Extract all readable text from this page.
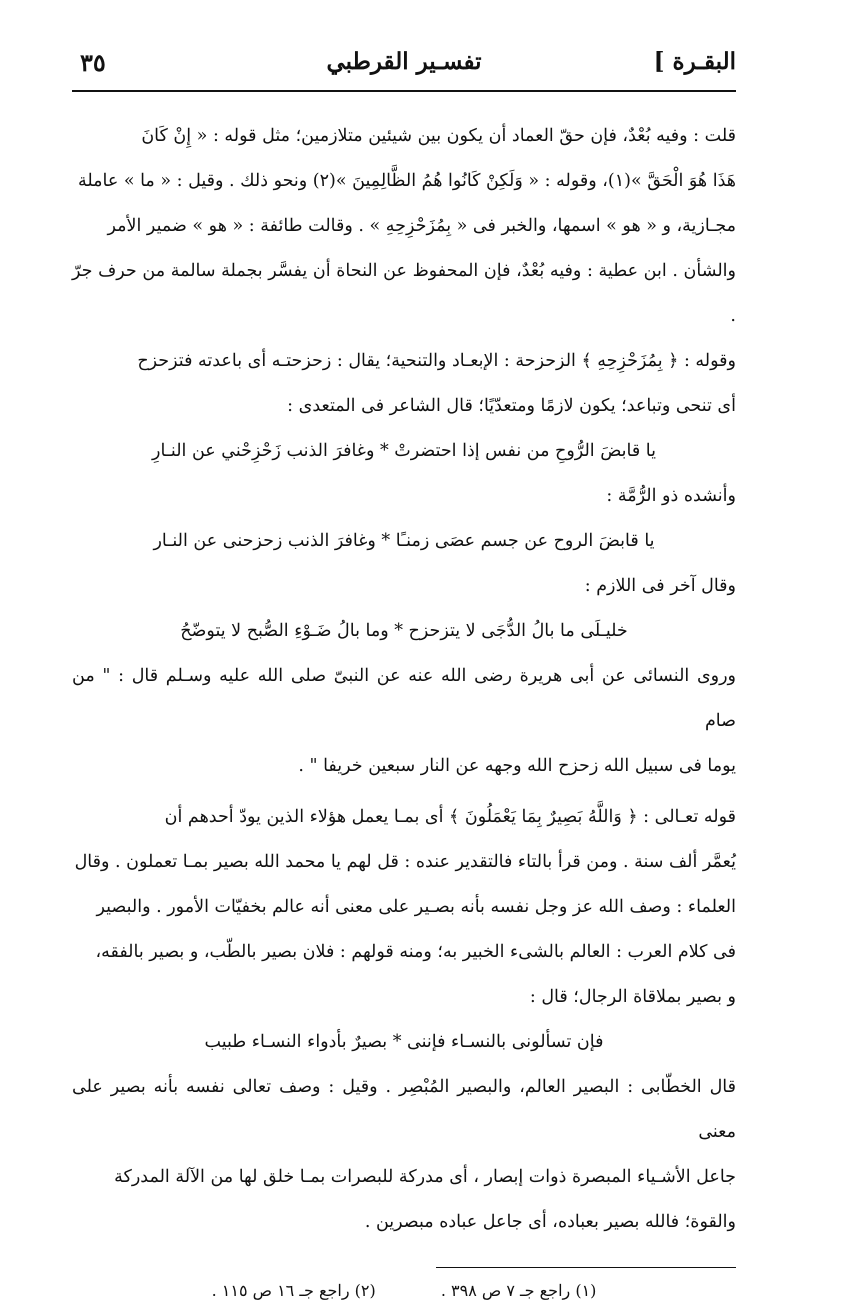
البقـرة ]
تفسـير القرطبي
٣٥

قلت : وفيه بُعْدٌ، فإن حقّ العماد أن يكون بين شيئين متلازمين؛ مثل قوله : « إِنْ كَانَ

هَذَا هُوَ الْحَقَّ »(١)، وقوله : « وَلَكِنْ كَانُوا هُمُ الظَّالِمِينَ »(٢) ونحو ذلك . وقيل : « ما » عاملة

مجـازية، و « هو » اسمها، والخبر فى « بِمُزَحْزِحِهِ » . وقالت طائفة : « هو » ضمير الأمر

والشأن . ابن عطية : وفيه بُعْدٌ، فإن المحفوظ عن النحاة أن يفسَّر بجملة سالمة من حرف جرّ .

وقوله : ﴿ بِمُزَحْزِحِهِ ﴾ الزحزحة : الإبعـاد والتنحية؛ يقال : زحزحتـه أى باعدته فتزحزح

أى تنحى وتباعد؛ يكون لازمًا ومتعدّيًا؛ قال الشاعر فى المتعدى :

يا قابضَ الرُّوحِ من نفس إذا احتضرتْ * وغافرَ الذنب زَحْزِحْني عن النـارِ

وأنشده ذو الرُّمَّة :

يا قابضَ الروح عن جسم عصَى زمنـًا * وغافرَ الذنب زحزحنى عن النـار

وقال آخر فى اللازم :

خليـلَى ما بالُ الدُّجَى لا يتزحزح * وما بالُ ضَـوْءِ الصُّبح لا يتوضّحُ

وروى النسائى عن أبى هريرة رضى الله عنه عن النبىّ صلى الله عليه وسـلم قال : " من صام

يوما فى سبيل الله زحزح الله وجهه عن النار سبعين خريفا " .

قوله تعـالى : ﴿ وَاللَّهُ بَصِيرٌ بِمَا يَعْمَلُونَ ﴾ أى بمـا يعمل هؤلاء الذين يودّ أحدهم أن

يُعمَّر ألف سنة . ومن قرأ بالتاء فالتقدير عنده : قل لهم يا محمد الله بصير بمـا تعملون . وقال

العلماء : وصف الله عز وجل نفسه بأنه بصـير على معنى أنه عالم بخفيّات الأمور . والبصير

فى كلام العرب : العالم بالشىء الخبير به؛ ومنه قولهم : فلان بصير بالطّب، و بصير بالفقه،

و بصير بملاقاة الرجال؛ قال :

فإن تسألونى بالنسـاء فإننى * بصيرٌ بأدواء النسـاء طبيب

قال الخطّابى : البصير العالم، والبصير المُبْصِر . وقيل : وصف تعالى نفسه بأنه بصير على معنى

جاعل الأشـياء المبصرة ذوات إبصار ، أى مدركة للبصرات بمـا خلق لها من الآلة المدركة

والقوة؛ فالله بصير بعباده، أى جاعل عباده مبصرين .

(١) راجع جـ ٧ ص ٣٩٨ . (٢) راجع جـ ١٦ ص ١١٥ .
